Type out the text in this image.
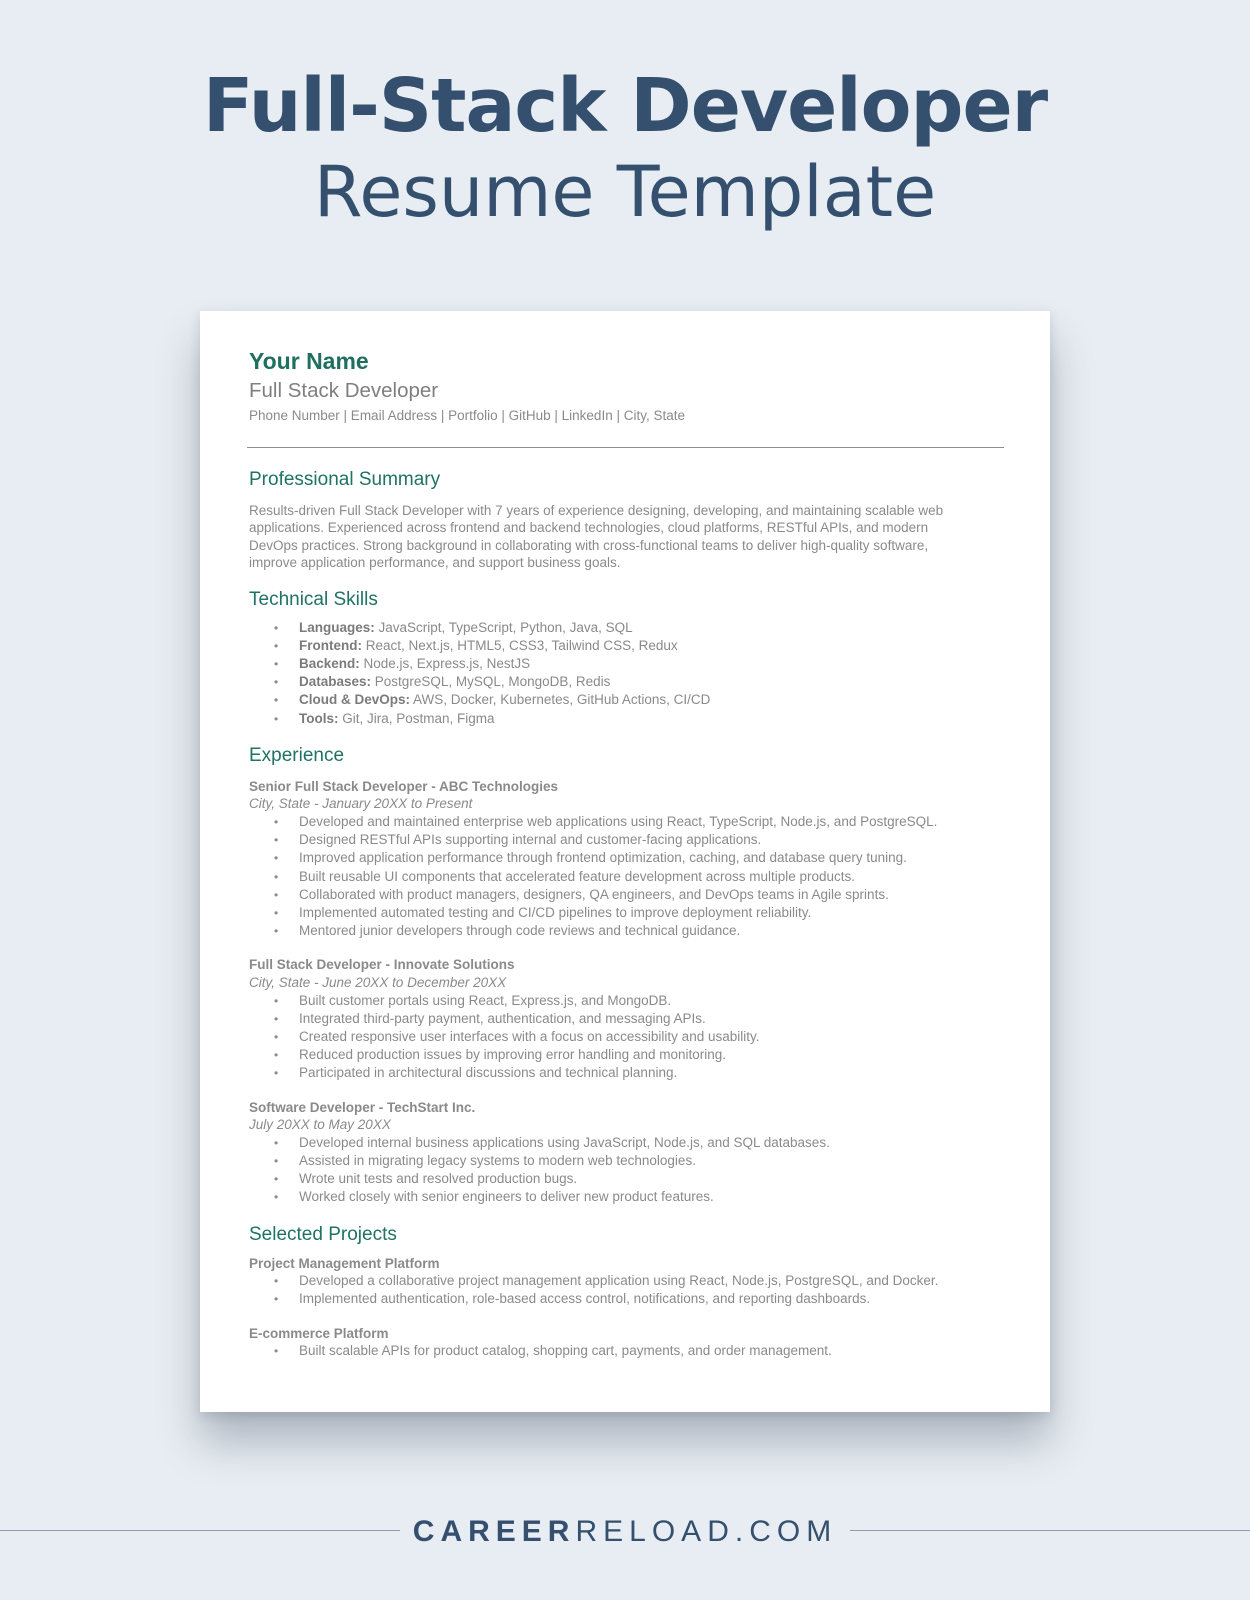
Full-Stack Developer
Resume Template
Your Name
Full Stack Developer
Phone Number | Email Address | Portfolio | GitHub | LinkedIn | City, State
Professional Summary
Results-driven Full Stack Developer with 7 years of experience designing, developing, and maintaining scalable web applications. Experienced across frontend and backend technologies, cloud platforms, RESTful APIs, and modern DevOps practices. Strong background in collaborating with cross-functional teams to deliver high-quality software, improve application performance, and support business goals.
Technical Skills
• Languages: JavaScript, TypeScript, Python, Java, SQL
• Frontend: React, Next.js, HTML5, CSS3, Tailwind CSS, Redux
• Backend: Node.js, Express.js, NestJS
• Databases: PostgreSQL, MySQL, MongoDB, Redis
• Cloud & DevOps: AWS, Docker, Kubernetes, GitHub Actions, CI/CD
• Tools: Git, Jira, Postman, Figma
Experience
Senior Full Stack Developer - ABC Technologies
City, State - January 20XX to Present
• Developed and maintained enterprise web applications using React, TypeScript, Node.js, and PostgreSQL.
• Designed RESTful APIs supporting internal and customer-facing applications.
• Improved application performance through frontend optimization, caching, and database query tuning.
• Built reusable UI components that accelerated feature development across multiple products.
• Collaborated with product managers, designers, QA engineers, and DevOps teams in Agile sprints.
• Implemented automated testing and CI/CD pipelines to improve deployment reliability.
• Mentored junior developers through code reviews and technical guidance.
Full Stack Developer - Innovate Solutions
City, State - June 20XX to December 20XX
• Built customer portals using React, Express.js, and MongoDB.
• Integrated third-party payment, authentication, and messaging APIs.
• Created responsive user interfaces with a focus on accessibility and usability.
• Reduced production issues by improving error handling and monitoring.
• Participated in architectural discussions and technical planning.
Software Developer - TechStart Inc.
July 20XX to May 20XX
• Developed internal business applications using JavaScript, Node.js, and SQL databases.
• Assisted in migrating legacy systems to modern web technologies.
• Wrote unit tests and resolved production bugs.
• Worked closely with senior engineers to deliver new product features.
Selected Projects
Project Management Platform
• Developed a collaborative project management application using React, Node.js, PostgreSQL, and Docker.
• Implemented authentication, role-based access control, notifications, and reporting dashboards.
E-commerce Platform
• Built scalable APIs for product catalog, shopping cart, payments, and order management.
CAREERRELOAD.COM
